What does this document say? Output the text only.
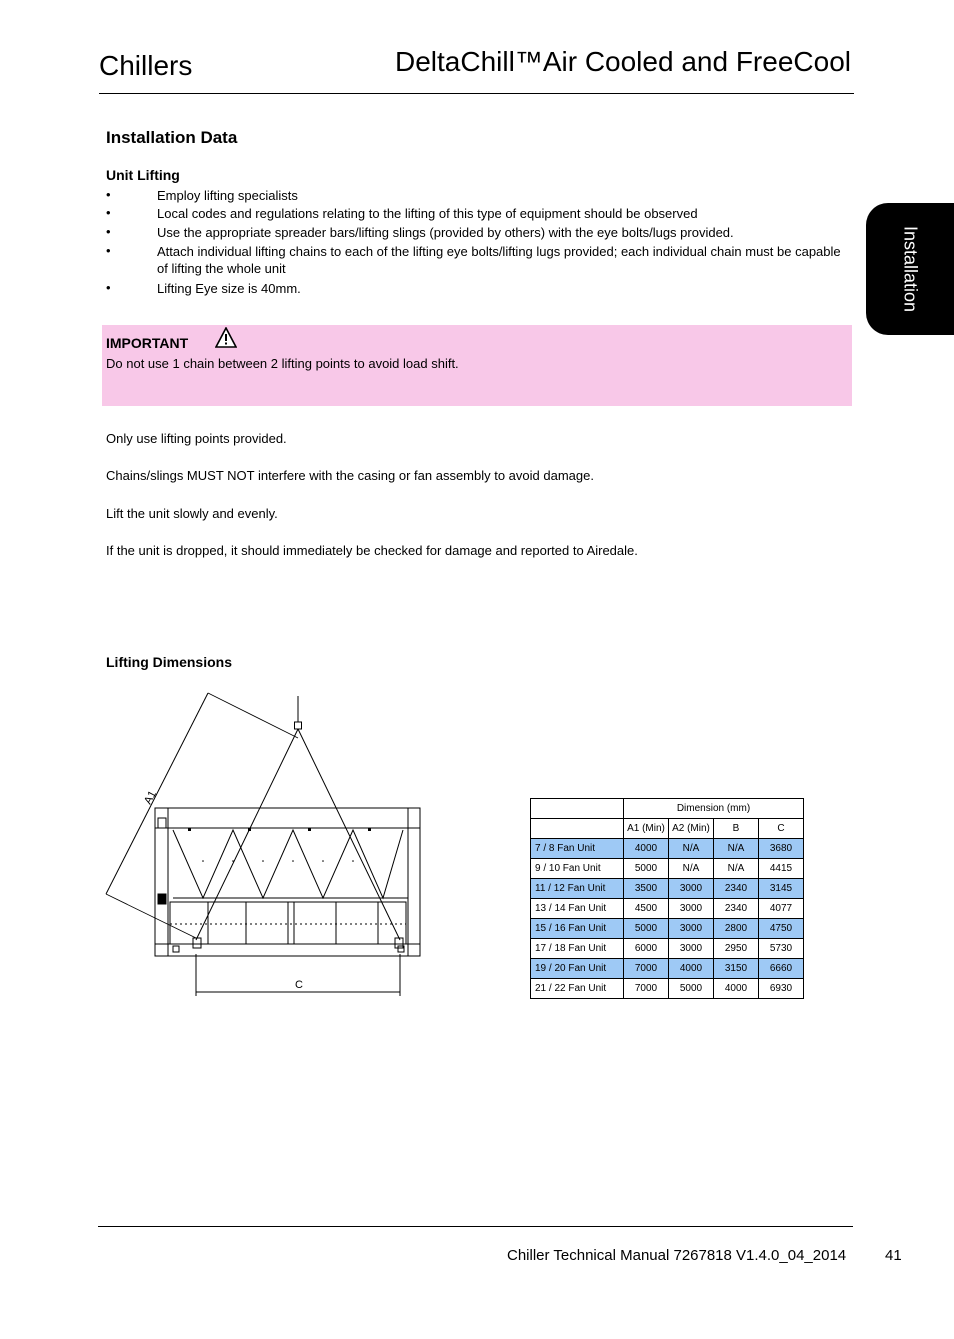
Chillers	DeltaChill™Air Cooled and FreeCool
Installation
Installation Data
Unit Lifting
•	Employ lifting specialists
•	Local codes and regulations relating to the lifting of this type of equipment should be observed
•	Use the appropriate spreader bars/lifting slings (provided by others) with the eye bolts/lugs provided.
•	Attach individual lifting chains to each of the lifting eye bolts/lifting lugs provided; each individual chain must be capable of lifting the whole unit
•	Lifting Eye size is 40mm.
IMPORTANT
Do not use 1 chain between 2 lifting points to avoid load shift.
Only use lifting points provided.
Chains/slings MUST NOT interfere with the casing or fan assembly to avoid damage.
Lift the unit slowly and evenly.
If the unit is dropped, it should immediately be checked for damage and reported to Airedale.
Lifting Dimensions
A1
C
	Dimension (mm)			
	A1 (Min)	A2 (Min)	B	C
7 / 8 Fan Unit	4000	N/A	N/A	3680
9 / 10 Fan Unit	5000	N/A	N/A	4415
11 / 12 Fan Unit	3500	3000	2340	3145
13 / 14 Fan Unit	4500	3000	2340	4077
15 / 16 Fan Unit	5000	3000	2800	4750
17 / 18 Fan Unit	6000	3000	2950	5730
19 / 20 Fan Unit	7000	4000	3150	6660
21 / 22 Fan Unit	7000	5000	4000	6930
Chiller Technical Manual 7267818 V1.4.0_04_2014	41
